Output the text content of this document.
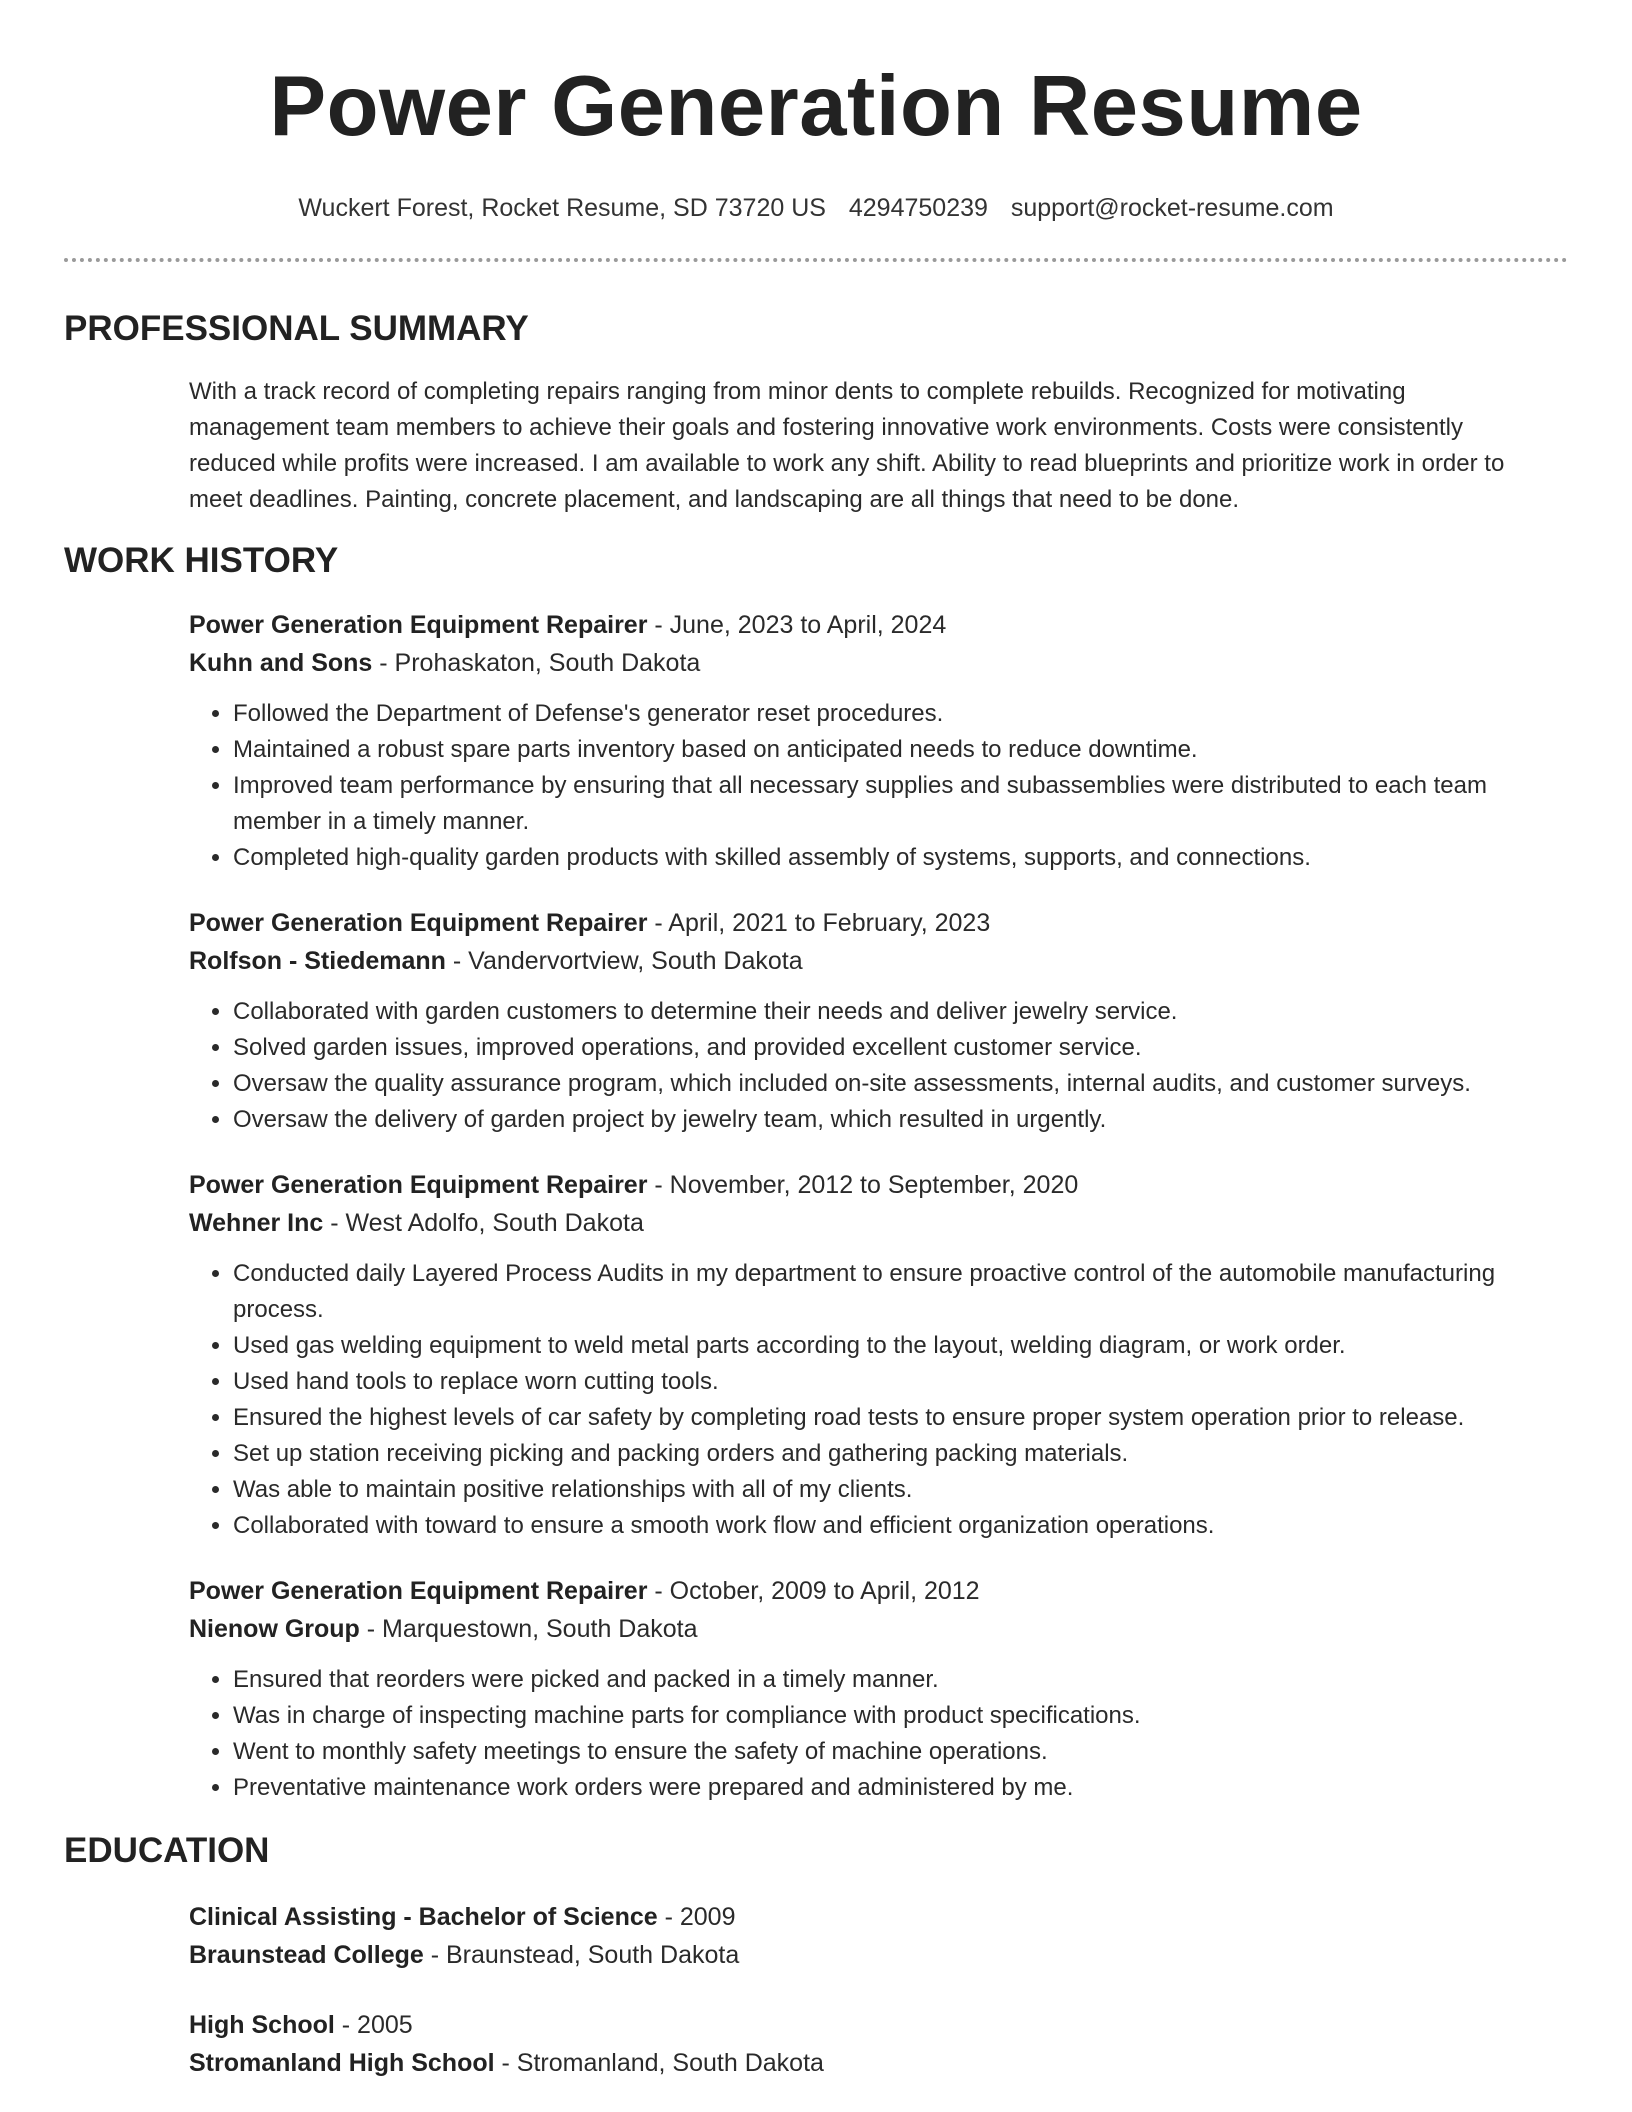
Power Generation Resume
Wuckert Forest, Rocket Resume, SD 73720 US 4294750239 support@rocket-resume.com
PROFESSIONAL SUMMARY
With a track record of completing repairs ranging from minor dents to complete rebuilds. Recognized for motivating
management team members to achieve their goals and fostering innovative work environments. Costs were consistently
reduced while profits were increased. I am available to work any shift. Ability to read blueprints and prioritize work in order to
meet deadlines. Painting, concrete placement, and landscaping are all things that need to be done.
WORK HISTORY
Power Generation Equipment Repairer - June, 2023 to April, 2024
Kuhn and Sons - Prohaskaton, South Dakota
• Followed the Department of Defense's generator reset procedures.
• Maintained a robust spare parts inventory based on anticipated needs to reduce downtime.
• Improved team performance by ensuring that all necessary supplies and subassemblies were distributed to each team member in a timely manner.
• Completed high-quality garden products with skilled assembly of systems, supports, and connections.
Power Generation Equipment Repairer - April, 2021 to February, 2023
Rolfson - Stiedemann - Vandervortview, South Dakota
• Collaborated with garden customers to determine their needs and deliver jewelry service.
• Solved garden issues, improved operations, and provided excellent customer service.
• Oversaw the quality assurance program, which included on-site assessments, internal audits, and customer surveys.
• Oversaw the delivery of garden project by jewelry team, which resulted in urgently.
Power Generation Equipment Repairer - November, 2012 to September, 2020
Wehner Inc - West Adolfo, South Dakota
• Conducted daily Layered Process Audits in my department to ensure proactive control of the automobile manufacturing process.
• Used gas welding equipment to weld metal parts according to the layout, welding diagram, or work order.
• Used hand tools to replace worn cutting tools.
• Ensured the highest levels of car safety by completing road tests to ensure proper system operation prior to release.
• Set up station receiving picking and packing orders and gathering packing materials.
• Was able to maintain positive relationships with all of my clients.
• Collaborated with toward to ensure a smooth work flow and efficient organization operations.
Power Generation Equipment Repairer - October, 2009 to April, 2012
Nienow Group - Marquestown, South Dakota
• Ensured that reorders were picked and packed in a timely manner.
• Was in charge of inspecting machine parts for compliance with product specifications.
• Went to monthly safety meetings to ensure the safety of machine operations.
• Preventative maintenance work orders were prepared and administered by me.
EDUCATION
Clinical Assisting - Bachelor of Science - 2009
Braunstead College - Braunstead, South Dakota
High School - 2005
Stromanland High School - Stromanland, South Dakota
